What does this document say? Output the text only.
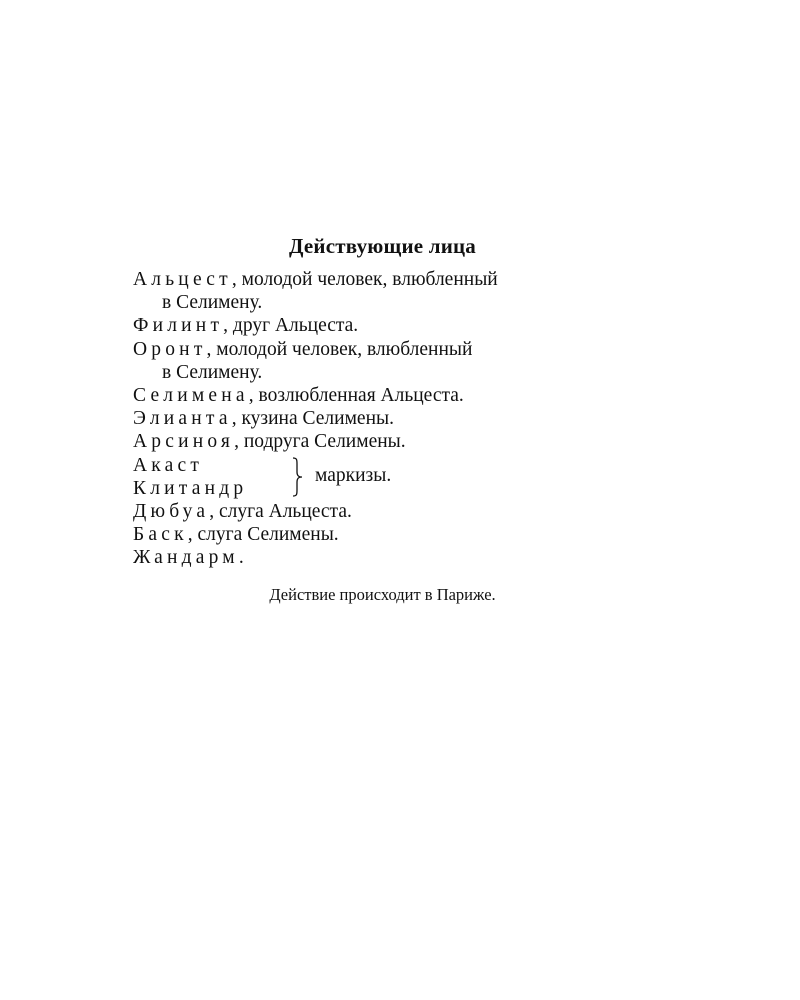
Действующие лица
Альцест, молодой человек, влюбленный
в Селимену.
Филинт, друг Альцеста.
Оронт, молодой человек, влюбленный
в Селимену.
Селимена, возлюбленная Альцеста.
Элианта, кузина Селимены.
Арсиноя, подруга Селимены.
Акаст
Клитандр
маркизы.
Дюбуа, слуга Альцеста.
Баск, слуга Селимены.
Жандарм.
Действие происходит в Париже.
